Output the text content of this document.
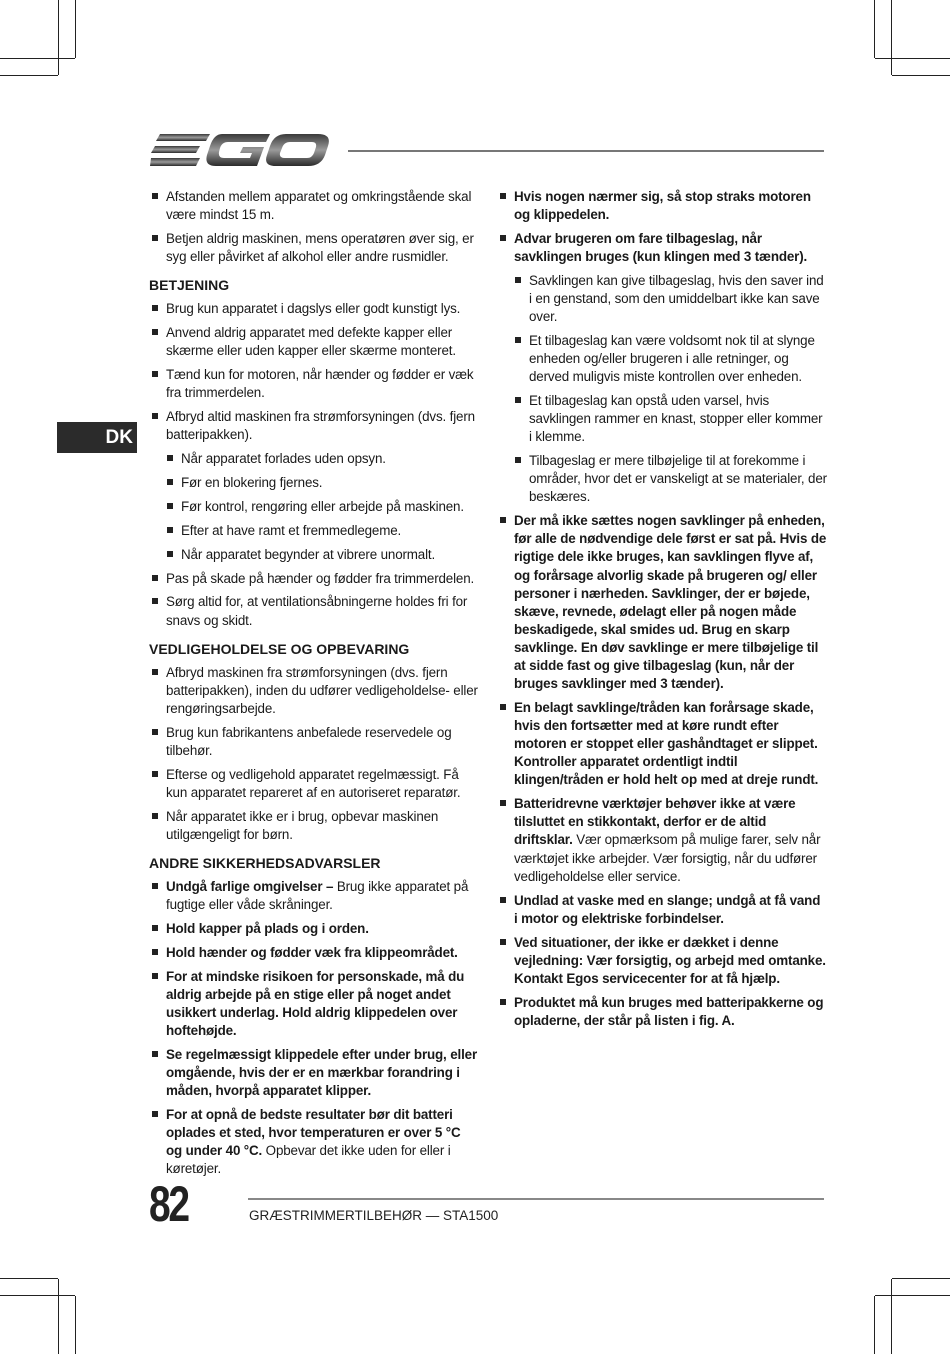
DK
Afstanden mellem apparatet og omkringstående skal være mindst 15 m.
Betjen aldrig maskinen, mens operatøren øver sig, er syg eller påvirket af alkohol eller andre rusmidler.
BETJENING
Brug kun apparatet i dagslys eller godt kunstigt lys.
Anvend aldrig apparatet med defekte kapper eller skærme eller uden kapper eller skærme monteret.
Tænd kun for motoren, når hænder og fødder er væk fra trimmerdelen.
Afbryd altid maskinen fra strømforsyningen (dvs. fjern batteripakken).
Når apparatet forlades uden opsyn.
Før en blokering fjernes.
Før kontrol, rengøring eller arbejde på maskinen.
Efter at have ramt et fremmedlegeme.
Når apparatet begynder at vibrere unormalt.
Pas på skade på hænder og fødder fra trimmerdelen.
Sørg altid for, at ventilationsåbningerne holdes fri for snavs og skidt.
VEDLIGEHOLDELSE OG OPBEVARING
Afbryd maskinen fra strømforsyningen (dvs. fjern batteripakken), inden du udfører vedligeholdelse- eller rengøringsarbejde.
Brug kun fabrikantens anbefalede reservedele og tilbehør.
Efterse og vedligehold apparatet regelmæssigt. Få kun apparatet repareret af en autoriseret reparatør.
Når apparatet ikke er i brug, opbevar maskinen utilgængeligt for børn.
ANDRE SIKKERHEDSADVARSLER
Undgå farlige omgivelser – Brug ikke apparatet på fugtige eller våde skråninger.
Hold kapper på plads og i orden.
Hold hænder og fødder væk fra klippeområdet.
For at mindske risikoen for personskade, må du aldrig arbejde på en stige eller på noget andet usikkert underlag. Hold aldrig klippedelen over hoftehøjde.
Se regelmæssigt klippedele efter under brug, eller omgående, hvis der er en mærkbar forandring i måden, hvorpå apparatet klipper.
For at opnå de bedste resultater bør dit batteri oplades et sted, hvor temperaturen er over 5 °C og under 40 °C. Opbevar det ikke uden for eller i køretøjer.
Hvis nogen nærmer sig, så stop straks motoren og klippedelen.
Advar brugeren om fare tilbageslag, når savklingen bruges (kun klingen med 3 tænder).
Savklingen kan give tilbageslag, hvis den saver ind i en genstand, som den umiddelbart ikke kan save over.
Et tilbageslag kan være voldsomt nok til at slynge enheden og/eller brugeren i alle retninger, og derved muligvis miste kontrollen over enheden.
Et tilbageslag kan opstå uden varsel, hvis savklingen rammer en knast, stopper eller kommer i klemme.
Tilbageslag er mere tilbøjelige til at forekomme i områder, hvor det er vanskeligt at se materialer, der beskæres.
Der må ikke sættes nogen savklinger på enheden, før alle de nødvendige dele først er sat på. Hvis de rigtige dele ikke bruges, kan savklingen flyve af, og forårsage alvorlig skade på brugeren og/ eller personer i nærheden. Savklinger, der er bøjede, skæve, revnede, ødelagt eller på nogen måde beskadigede, skal smides ud. Brug en skarp savklinge. En døv savklinge er mere tilbøjelige til at sidde fast og give tilbageslag (kun, når der bruges savklinger med 3 tænder).
En belagt savklinge/tråden kan forårsage skade, hvis den fortsætter med at køre rundt efter motoren er stoppet eller gashåndtaget er slippet. Kontroller apparatet ordentligt indtil klingen/tråden er hold helt op med at dreje rundt.
Batteridrevne værktøjer behøver ikke at være tilsluttet en stikkontakt, derfor er de altid driftsklar. Vær opmærksom på mulige farer, selv når værktøjet ikke arbejder. Vær forsigtig, når du udfører vedligeholdelse eller service.
Undlad at vaske med en slange; undgå at få vand i motor og elektriske forbindelser.
Ved situationer, der ikke er dækket i denne vejledning: Vær forsigtig, og arbejd med omtanke. Kontakt Egos servicecenter for at få hjælp.
Produktet må kun bruges med batteripakkerne og opladerne, der står på listen i fig. A.
82	GRÆSTRIMMERTILBEHØR — STA1500
